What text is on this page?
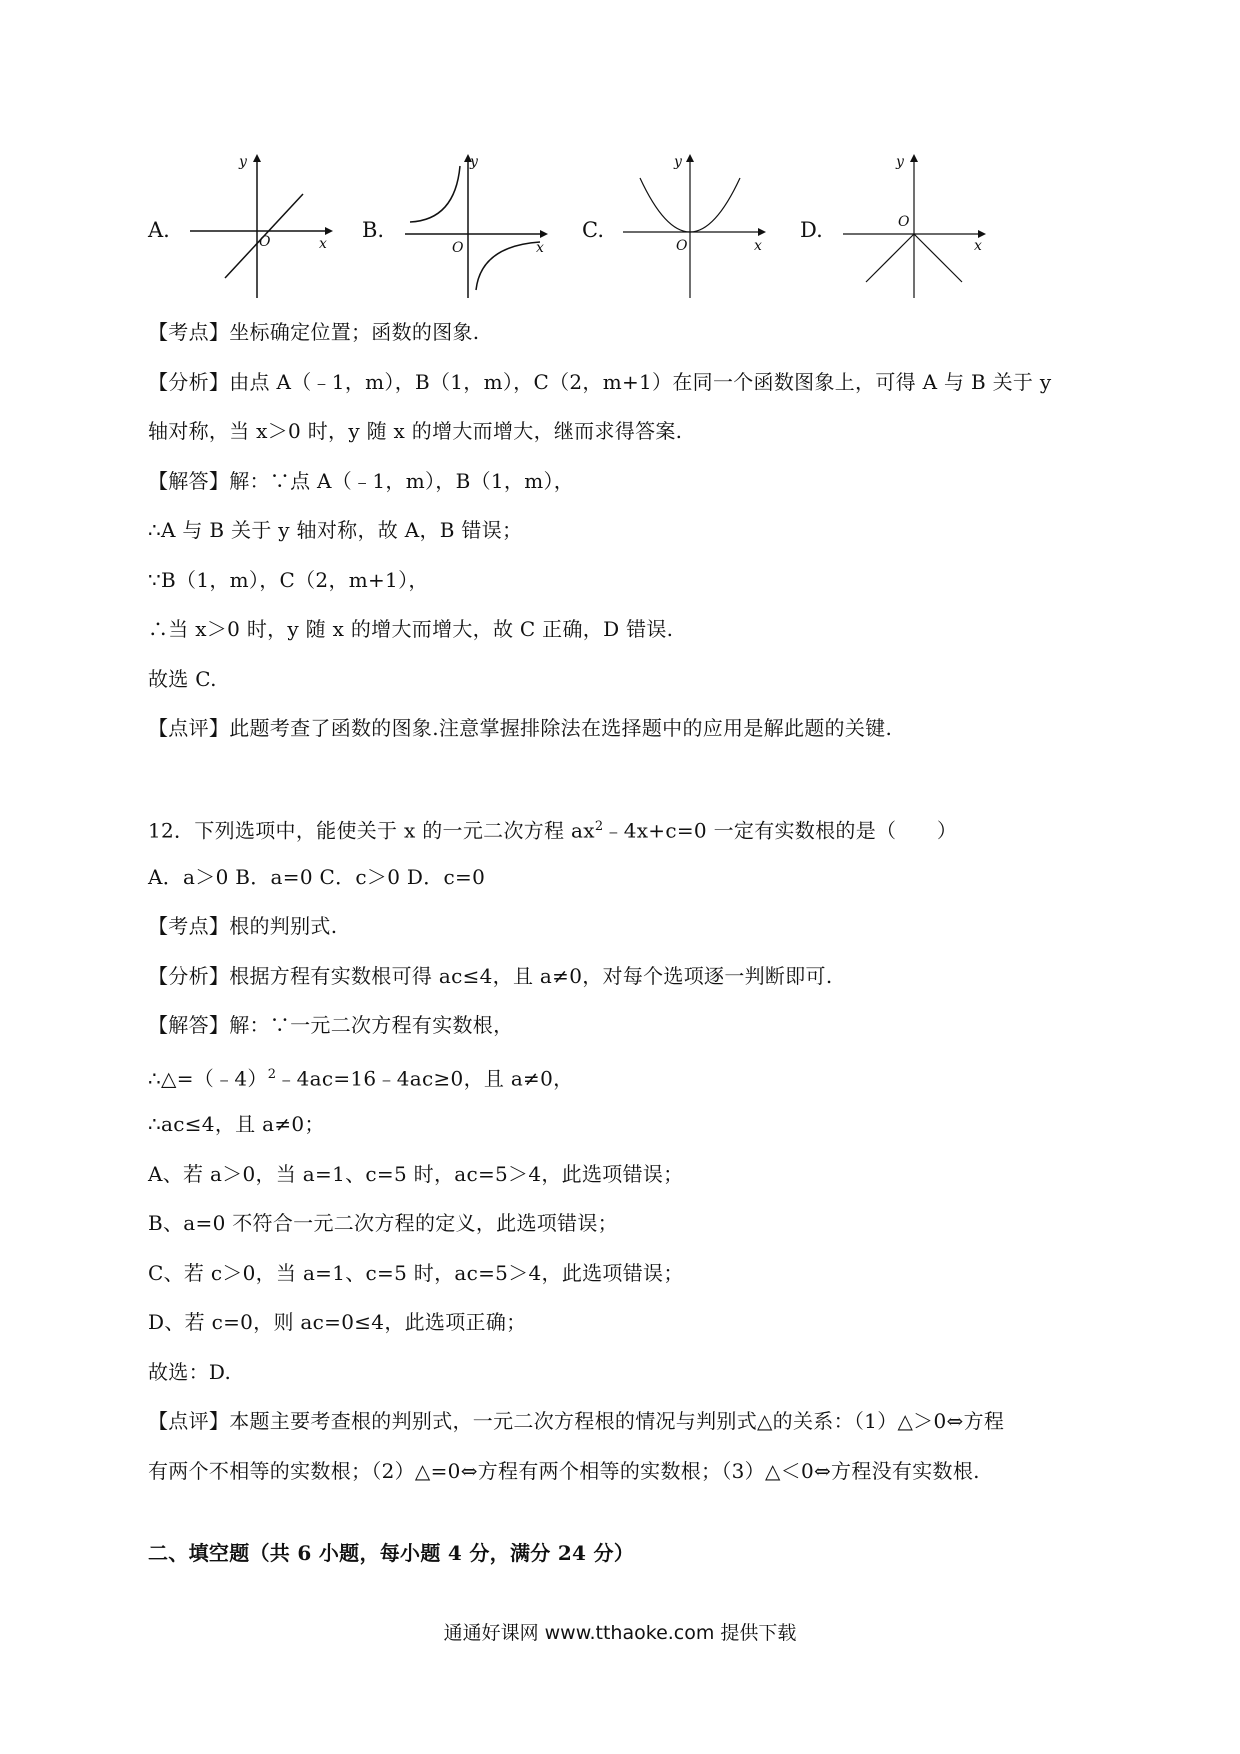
A.
y
x
O	B.
y
x
O
C.
y
x
O
D.
y
x
O
【考点】坐标确定位置；函数的图象.
【分析】由点 A（﹣1，m），B（1，m），C（2，m+1）在同一个函数图象上，可得 A 与 B 关于 y
轴对称，当 x＞0 时，y 随 x 的增大而增大，继而求得答案.
【解答】解：∵点 A（﹣1，m），B（1，m），
∴A 与 B 关于 y 轴对称，故 A，B 错误；
∵B（1，m），C（2，m+1），
∴当 x＞0 时，y 随 x 的增大而增大，故 C 正确，D 错误.
故选 C.
【点评】此题考查了函数的图象.注意掌握排除法在选择题中的应用是解此题的关键.
12．下列选项中，能使关于 x 的一元二次方程 $ax^2﹣4x+c=0$ 一定有实数根的是（　　）
A．a＞0 B．a=0 C．c＞0 D．c=0
【考点】根的判别式.
【分析】根据方程有实数根可得 ac≤4，且 a≠0，对每个选项逐一判断即可.
【解答】解：∵一元二次方程有实数根，
∴△=（﹣4）$^2$﹣4ac=16﹣4ac≥0，且 a≠0，
∴ac≤4，且 a≠0；
A、若 a＞0，当 a=1、c=5 时，ac=5＞4，此选项错误；
B、a=0 不符合一元二次方程的定义，此选项错误；
C、若 c＞0，当 a=1、c=5 时，ac=5＞4，此选项错误；
D、若 c=0，则 ac=0≤4，此选项正确；
故选：D.
【点评】本题主要考查根的判别式，一元二次方程根的情况与判别式△的关系：（1）△＞0⇔方程
有两个不相等的实数根；（2）△=0⇔方程有两个相等的实数根；（3）△＜0⇔方程没有实数根.
二、填空题（共 6 小题，每小题 4 分，满分 24 分）
通通好课网 www.tthaoke.com 提供下载
